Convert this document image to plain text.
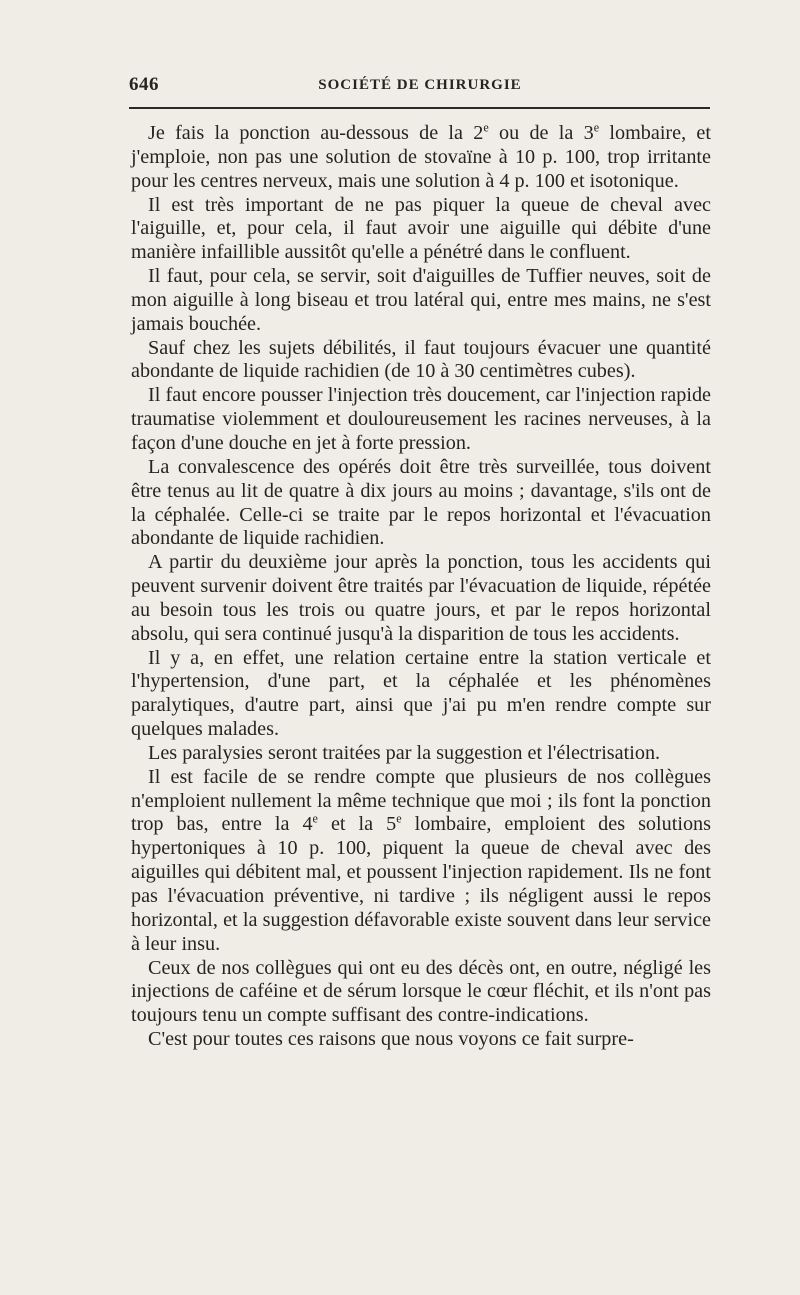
646	SOCIÉTÉ DE CHIRURGIE

Je fais la ponction au-dessous de la 2e ou de la 3e lombaire, et j'emploie, non pas une solution de stovaïne à 10 p. 100, trop irritante pour les centres nerveux, mais une solution à 4 p. 100 et isotonique.

Il est très important de ne pas piquer la queue de cheval avec l'aiguille, et, pour cela, il faut avoir une aiguille qui débite d'une manière infaillible aussitôt qu'elle a pénétré dans le confluent.

Il faut, pour cela, se servir, soit d'aiguilles de Tuffier neuves, soit de mon aiguille à long biseau et trou latéral qui, entre mes mains, ne s'est jamais bouchée.

Sauf chez les sujets débilités, il faut toujours évacuer une quantité abondante de liquide rachidien (de 10 à 30 centimètres cubes).

Il faut encore pousser l'injection très doucement, car l'injection rapide traumatise violemment et douloureusement les racines nerveuses, à la façon d'une douche en jet à forte pression.

La convalescence des opérés doit être très surveillée, tous doivent être tenus au lit de quatre à dix jours au moins ; davantage, s'ils ont de la céphalée. Celle-ci se traite par le repos horizontal et l'évacuation abondante de liquide rachidien.

A partir du deuxième jour après la ponction, tous les accidents qui peuvent survenir doivent être traités par l'évacuation de liquide, répétée au besoin tous les trois ou quatre jours, et par le repos horizontal absolu, qui sera continué jusqu'à la disparition de tous les accidents.

Il y a, en effet, une relation certaine entre la station verticale et l'hypertension, d'une part, et la céphalée et les phénomènes paralytiques, d'autre part, ainsi que j'ai pu m'en rendre compte sur quelques malades.

Les paralysies seront traitées par la suggestion et l'électrisation.

Il est facile de se rendre compte que plusieurs de nos collègues n'emploient nullement la même technique que moi ; ils font la ponction trop bas, entre la 4e et la 5e lombaire, emploient des solutions hypertoniques à 10 p. 100, piquent la queue de cheval avec des aiguilles qui débitent mal, et poussent l'injection rapidement. Ils ne font pas l'évacuation préventive, ni tardive ; ils négligent aussi le repos horizontal, et la suggestion défavorable existe souvent dans leur service à leur insu.

Ceux de nos collègues qui ont eu des décès ont, en outre, négligé les injections de caféine et de sérum lorsque le cœur fléchit, et ils n'ont pas toujours tenu un compte suffisant des contre-indications.

C'est pour toutes ces raisons que nous voyons ce fait surpre-
